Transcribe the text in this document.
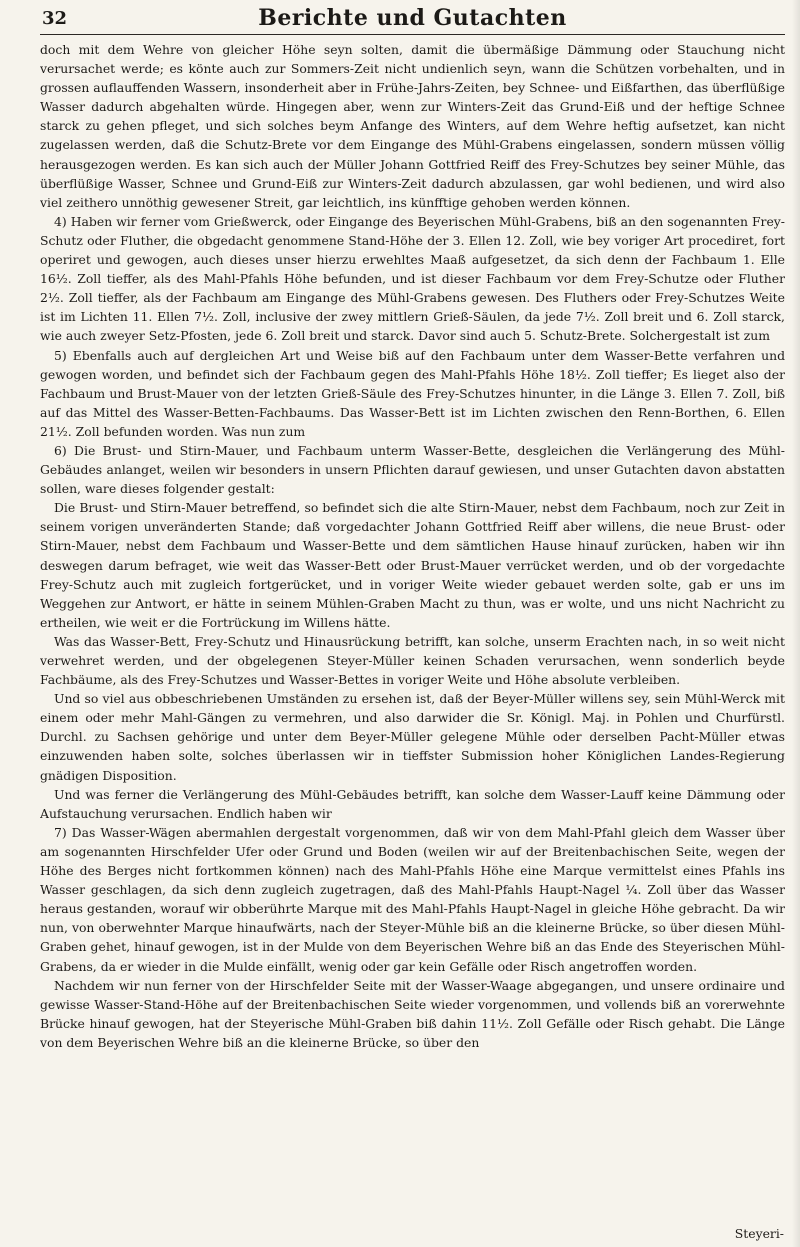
32	Berichte und Gutachten

doch mit dem Wehre von gleicher Höhe seyn solten, damit die übermäßige Dämmung oder Stauchung nicht verursachet werde; es könte auch zur Sommers-Zeit nicht undienlich seyn, wann die Schützen vorbehalten, und in grossen auflauffenden Wassern, insonderheit aber in Frühe-Jahrs-Zeiten, bey Schnee- und Eißfarthen, das überflüßige Wasser dadurch abgehalten würde. Hingegen aber, wenn zur Winters-Zeit das Grund-Eiß und der heftige Schnee starck zu gehen pfleget, und sich solches beym Anfange des Winters, auf dem Wehre heftig aufsetzet, kan nicht zugelassen werden, daß die Schutz-Brete vor dem Eingange des Mühl-Grabens eingelassen, sondern müssen völlig herausgezogen werden. Es kan sich auch der Müller Johann Gottfried Reiff des Frey-Schutzes bey seiner Mühle, das überflüßige Wasser, Schnee und Grund-Eiß zur Winters-Zeit dadurch abzulassen, gar wohl bedienen, und wird also viel zeithero unnöthig gewesener Streit, gar leichtlich, ins künfftige gehoben werden können.

4) Haben wir ferner vom Grießwerck, oder Eingange des Beyerischen Mühl-Grabens, biß an den sogenannten Frey-Schutz oder Fluther, die obgedacht genommene Stand-Höhe der 3. Ellen 12. Zoll, wie bey voriger Art procediret, fort operiret und gewogen, auch dieses unser hierzu erwehltes Maaß aufgesetzet, da sich denn der Fachbaum 1. Elle 16½. Zoll tieffer, als des Mahl-Pfahls Höhe befunden, und ist dieser Fachbaum vor dem Frey-Schutze oder Fluther 2½. Zoll tieffer, als der Fachbaum am Eingange des Mühl-Grabens gewesen. Des Fluthers oder Frey-Schutzes Weite ist im Lichten 11. Ellen 7½. Zoll, inclusive der zwey mittlern Grieß-Säulen, da jede 7½. Zoll breit und 6. Zoll starck, wie auch zweyer Setz-Pfosten, jede 6. Zoll breit und starck. Davor sind auch 5. Schutz-Brete. Solchergestalt ist zum

5) Ebenfalls auch auf dergleichen Art und Weise biß auf den Fachbaum unter dem Wasser-Bette verfahren und gewogen worden, und befindet sich der Fachbaum gegen des Mahl-Pfahls Höhe 18½. Zoll tieffer; Es lieget also der Fachbaum und Brust-Mauer von der letzten Grieß-Säule des Frey-Schutzes hinunter, in die Länge 3. Ellen 7. Zoll, biß auf das Mittel des Wasser-Betten-Fachbaums. Das Wasser-Bett ist im Lichten zwischen den Renn-Borthen, 6. Ellen 21½. Zoll befunden worden. Was nun zum

6) Die Brust- und Stirn-Mauer, und Fachbaum unterm Wasser-Bette, desgleichen die Verlängerung des Mühl-Gebäudes anlanget, weilen wir besonders in unsern Pflichten darauf gewiesen, und unser Gutachten davon abstatten sollen, ware dieses folgender gestalt:

Die Brust- und Stirn-Mauer betreffend, so befindet sich die alte Stirn-Mauer, nebst dem Fachbaum, noch zur Zeit in seinem vorigen unveränderten Stande; daß vorgedachter Johann Gottfried Reiff aber willens, die neue Brust- oder Stirn-Mauer, nebst dem Fachbaum und Wasser-Bette und dem sämtlichen Hause hinauf zurücken, haben wir ihn deswegen darum befraget, wie weit das Wasser-Bett oder Brust-Mauer verrücket werden, und ob der vorgedachte Frey-Schutz auch mit zugleich fortgerücket, und in voriger Weite wieder gebauet werden solte, gab er uns im Weggehen zur Antwort, er hätte in seinem Mühlen-Graben Macht zu thun, was er wolte, und uns nicht Nachricht zu ertheilen, wie weit er die Fortrückung im Willens hätte.

Was das Wasser-Bett, Frey-Schutz und Hinausrückung betrifft, kan solche, unserm Erachten nach, in so weit nicht verwehret werden, und der obgelegenen Steyer-Müller keinen Schaden verursachen, wenn sonderlich beyde Fachbäume, als des Frey-Schutzes und Wasser-Bettes in voriger Weite und Höhe absolute verbleiben.

Und so viel aus obbeschriebenen Umständen zu ersehen ist, daß der Beyer-Müller willens sey, sein Mühl-Werck mit einem oder mehr Mahl-Gängen zu vermehren, und also darwider die Sr. Königl. Maj. in Pohlen und Churfürstl. Durchl. zu Sachsen gehörige und unter dem Beyer-Müller gelegene Mühle oder derselben Pacht-Müller etwas einzuwenden haben solte, solches überlassen wir in tieffster Submission hoher Königlichen Landes-Regierung gnädigen Disposition.

Und was ferner die Verlängerung des Mühl-Gebäudes betrifft, kan solche dem Wasser-Lauff keine Dämmung oder Aufstauchung verursachen. Endlich haben wir

7) Das Wasser-Wägen abermahlen dergestalt vorgenommen, daß wir von dem Mahl-Pfahl gleich dem Wasser über am sogenannten Hirschfelder Ufer oder Grund und Boden (weilen wir auf der Breitenbachischen Seite, wegen der Höhe des Berges nicht fortkommen können) nach des Mahl-Pfahls Höhe eine Marque vermittelst eines Pfahls ins Wasser geschlagen, da sich denn zugleich zugetragen, daß des Mahl-Pfahls Haupt-Nagel ¼. Zoll über das Wasser heraus gestanden, worauf wir obberührte Marque mit des Mahl-Pfahls Haupt-Nagel in gleiche Höhe gebracht. Da wir nun, von oberwehnter Marque hinaufwärts, nach der Steyer-Mühle biß an die kleinerne Brücke, so über diesen Mühl-Graben gehet, hinauf gewogen, ist in der Mulde von dem Beyerischen Wehre biß an das Ende des Steyerischen Mühl-Grabens, da er wieder in die Mulde einfällt, wenig oder gar kein Gefälle oder Risch angetroffen worden.

Nachdem wir nun ferner von der Hirschfelder Seite mit der Wasser-Waage abgegangen, und unsere ordinaire und gewisse Wasser-Stand-Höhe auf der Breitenbachischen Seite wieder vorgenommen, und vollends biß an vorerwehnte Brücke hinauf gewogen, hat der Steyerische Mühl-Graben biß dahin 11½. Zoll Gefälle oder Risch gehabt. Die Länge von dem Beyerischen Wehre biß an die kleinerne Brücke, so über den

Steyeri-
